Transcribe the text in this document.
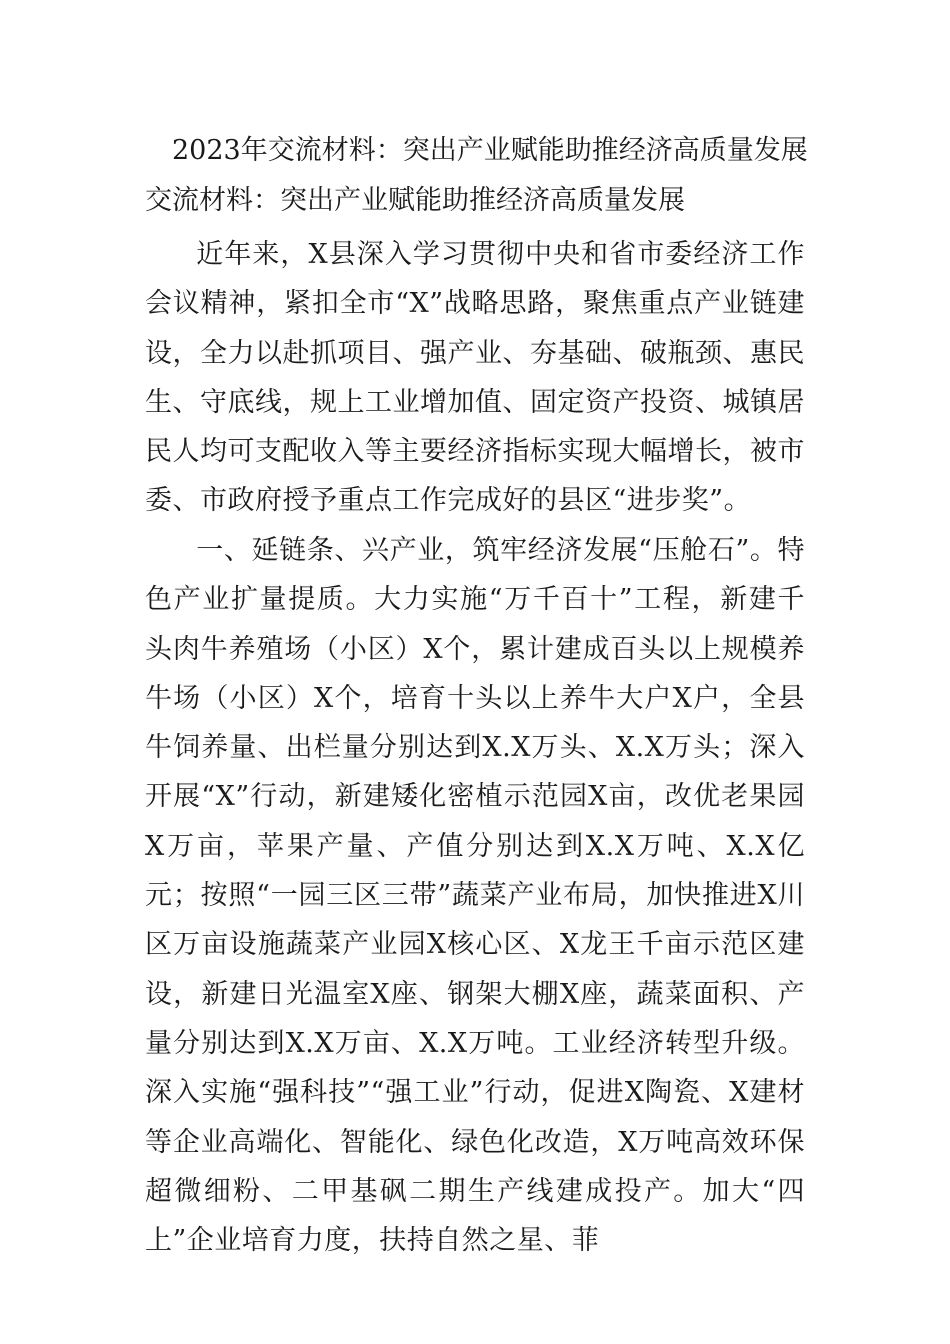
2023年交流材料：突出产业赋能助推经济高质量发展
交流材料：突出产业赋能助推经济高质量发展

近年来，X县深入学习贯彻中央和省市委经济工作会议精神，紧扣全市“X”战略思路，聚焦重点产业链建设，全力以赴抓项目、强产业、夯基础、破瓶颈、惠民生、守底线，规上工业增加值、固定资产投资、城镇居民人均可支配收入等主要经济指标实现大幅增长，被市委、市政府授予重点工作完成好的县区“进步奖”。

一、延链条、兴产业，筑牢经济发展“压舱石”。特色产业扩量提质。大力实施“万千百十”工程，新建千头肉牛养殖场（小区）X个，累计建成百头以上规模养牛场（小区）X个，培育十头以上养牛大户X户，全县牛饲养量、出栏量分别达到X.X万头、X.X万头；深入开展“X”行动，新建矮化密植示范园X亩，改优老果园X万亩，苹果产量、产值分别达到X.X万吨、X.X亿元；按照“一园三区三带”蔬菜产业布局，加快推进X川区万亩设施蔬菜产业园X核心区、X龙王千亩示范区建设，新建日光温室X座、钢架大棚X座，蔬菜面积、产量分别达到X.X万亩、X.X万吨。工业经济转型升级。深入实施“强科技”“强工业”行动，促进X陶瓷、X建材等企业高端化、智能化、绿色化改造，X万吨高效环保超微细粉、二甲基砜二期生产线建成投产。加大“四上”企业培育力度，扶持自然之星、菲
